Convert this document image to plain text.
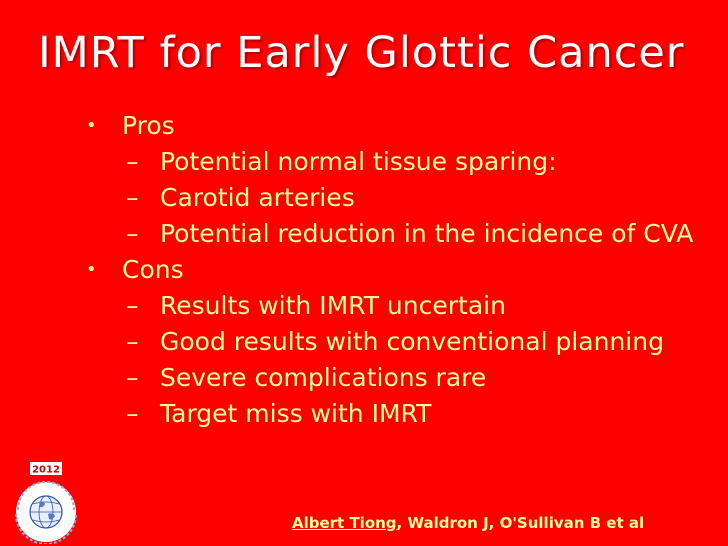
IMRT for Early Glottic Cancer
•	Pros
– Potential normal tissue sparing:
– Carotid arteries
– Potential reduction in the incidence of CVA
•	Cons
– Results with IMRT uncertain
– Good results with conventional planning
– Severe complications rare
– Target miss with IMRT
2012
Albert Tiong, Waldron J, O'Sullivan B et al
